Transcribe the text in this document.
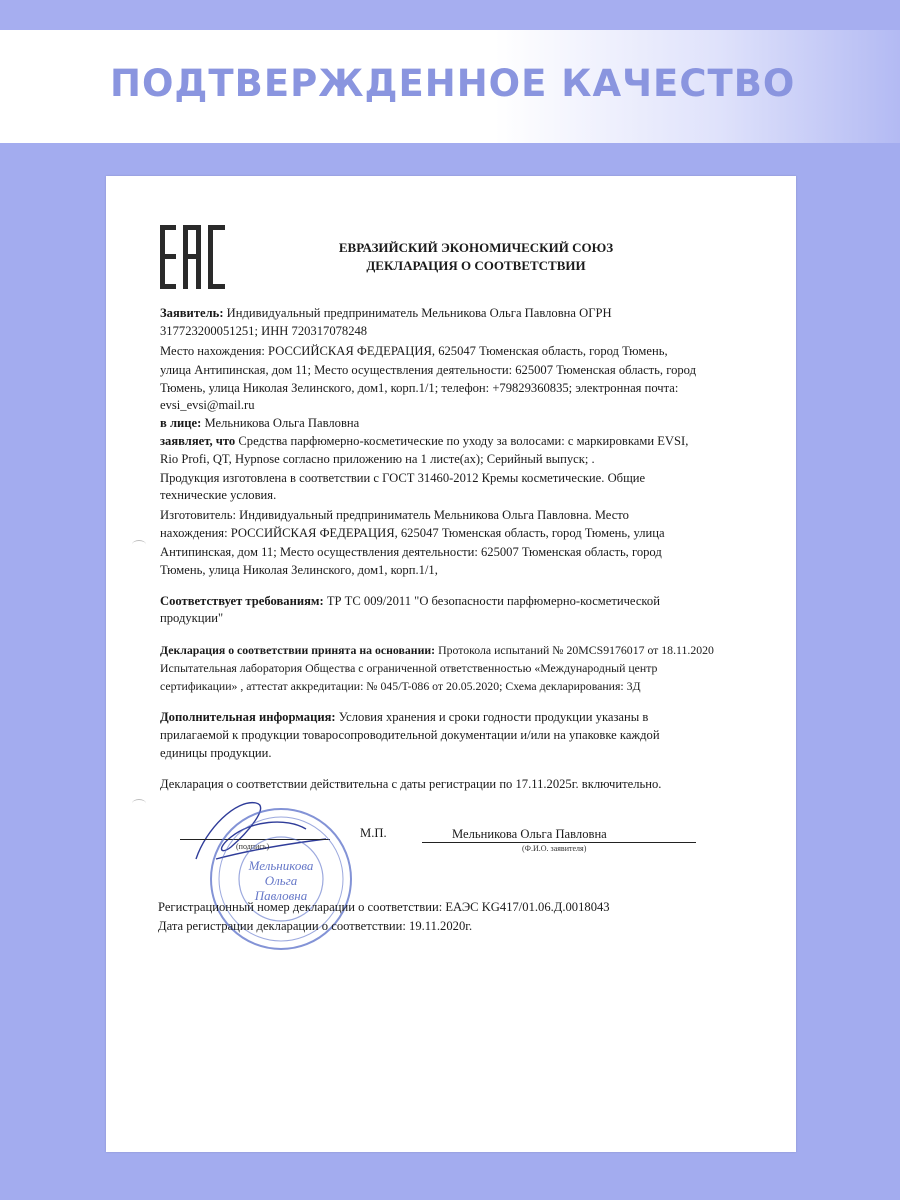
ПОДТВЕРЖДЕННОЕ КАЧЕСТВО
ЕВРАЗИЙСКИЙ ЭКОНОМИЧЕСКИЙ СОЮЗ
ДЕКЛАРАЦИЯ О СООТВЕТСТВИИ
Заявитель: Индивидуальный предприниматель Мельникова Ольга Павловна ОГРН
317723200051251; ИНН 720317078248
Место нахождения: РОССИЙСКАЯ ФЕДЕРАЦИЯ, 625047 Тюменская область, город Тюмень,
улица Антипинская, дом 11; Место осуществления деятельности: 625007 Тюменская область, город
Тюмень, улица Николая Зелинского, дом1, корп.1/1; телефон: +79829360835; электронная почта:
evsi_evsi@mail.ru
в лице: Мельникова Ольга Павловна
заявляет, что Средства парфюмерно-косметические по уходу за волосами: с маркировками EVSI,
Rio Profi, QT, Hypnose согласно приложению на 1 листе(ах); Серийный выпуск; .
Продукция изготовлена в соответствии с ГОСТ 31460-2012 Кремы косметические. Общие
технические условия.
Изготовитель: Индивидуальный предприниматель Мельникова Ольга Павловна. Место
нахождения: РОССИЙСКАЯ ФЕДЕРАЦИЯ, 625047 Тюменская область, город Тюмень, улица
Антипинская, дом 11; Место осуществления деятельности: 625007 Тюменская область, город
Тюмень, улица Николая Зелинского, дом1, корп.1/1,
Соответствует требованиям: ТР ТС 009/2011 "О безопасности парфюмерно-косметической
продукции"
Декларация о соответствии принята на основании: Протокола испытаний № 20MCS9176017 от 18.11.2020
Испытательная лаборатория Общества с ограниченной ответственностью «Международный центр
сертификации» , аттестат аккредитации: № 045/T-086 от 20.05.2020; Схема декларирования: 3Д
Дополнительная информация: Условия хранения и сроки годности продукции указаны в
прилагаемой к продукции товаросопроводительной документации и/или на упаковке каждой
единицы продукции.
Декларация о соответствии действительна с даты регистрации по 17.11.2025г. включительно.
(подпись)
М.П.	Мельникова Ольга Павловна
(Ф.И.О. заявителя)
Мельникова
Ольга
Павловна
Регистрационный номер декларации о соответствии: ЕАЭС KG417/01.06.Д.0018043
Дата регистрации декларации о соответствии: 19.11.2020г.
